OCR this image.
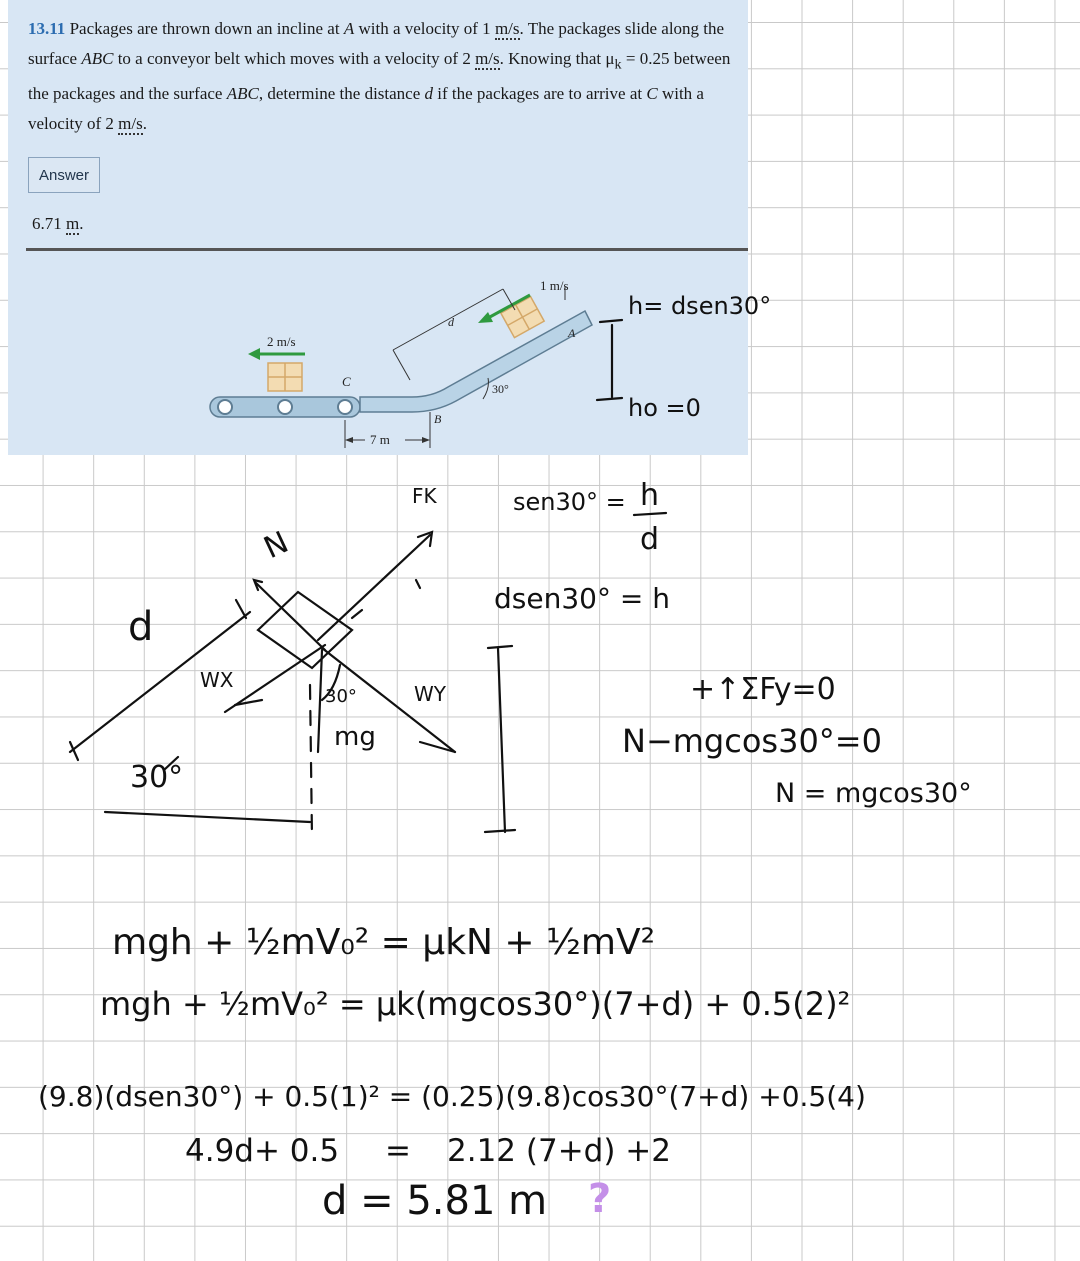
13.11 Packages are thrown down an incline at A with a velocity of 1 m/s. The packages slide along the surface ABC to a conveyor belt which moves with a velocity of 2 m/s. Knowing that $\mu_k = 0.25$ between the packages and the surface ABC, determine the distance d if the packages are to arrive at C with a velocity of 2 m/s.
Answer
6.71 m.
2 m/s
1 m/s
C
B
A
d
30°
7 m
h= dsen30°
ho =0
FK
N
d
WX
WY
30°
mg
30°
sen30° = h
d
dsen30° = h
+↑ΣFy=0
N−mgcos30°=0
N = mgcos30°
mgh + ½mV₀² = μkN + ½mV²
mgh + ½mV₀² = μk(mgcos30°)(7+d) + 0.5(2)²
(9.8)(dsen30°) + 0.5(1)² = (0.25)(9.8)cos30°(7+d) +0.5(4)
4.9d+ 0.5 = 2.12 (7+d) +2
d = 5.81 m ?
